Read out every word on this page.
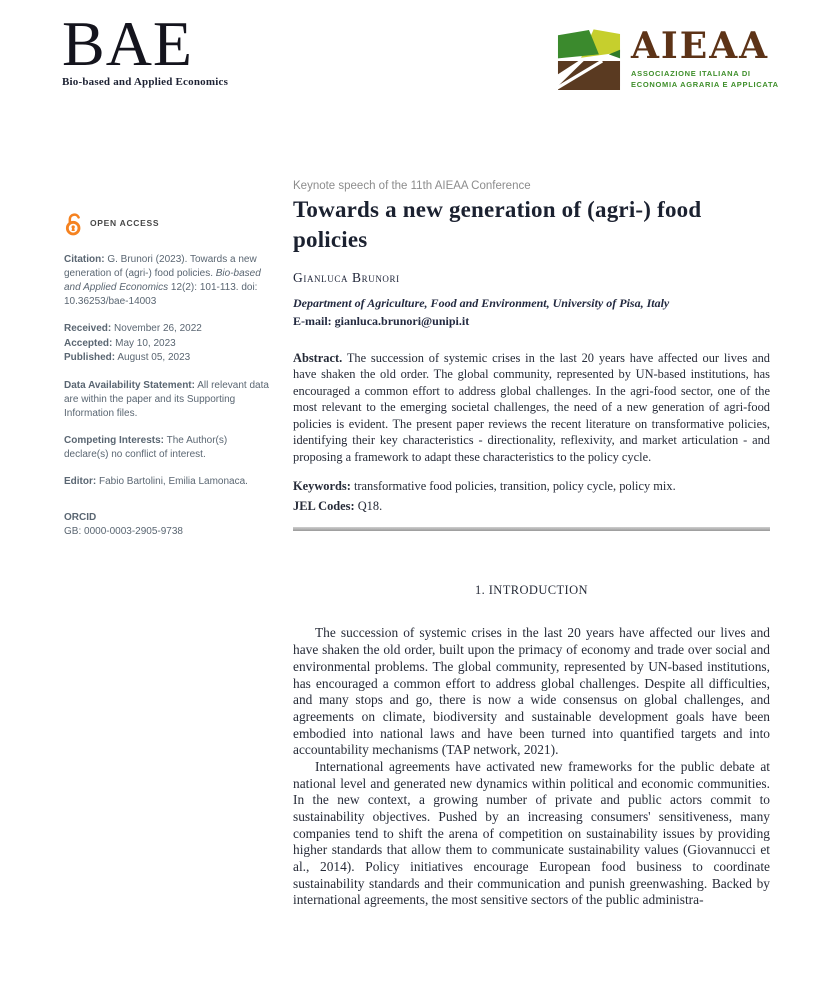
BAE
Bio-based and Applied Economics
AIEAA
ASSOCIAZIONE ITALIANA DI
ECONOMIA AGRARIA E APPLICATA
OPEN ACCESS

Citation: G. Brunori (2023). Towards a new generation of (agri-) food policies. Bio-based and Applied Economics 12(2): 101-113. doi: 10.36253/bae-14003

Received: November 26, 2022
Accepted: May 10, 2023
Published: August 05, 2023

Data Availability Statement: All relevant data are within the paper and its Supporting Information files.

Competing Interests: The Author(s) declare(s) no conflict of interest.

Editor: Fabio Bartolini, Emilia Lamonaca.

ORCID
GB: 0000-0003-2905-9738
Keynote speech of the 11th AIEAA Conference
Towards a new generation of (agri-) food policies
Gianluca Brunori
Department of Agriculture, Food and Environment, University of Pisa, Italy
E-mail: gianluca.brunori@unipi.it

Abstract. The succession of systemic crises in the last 20 years have affected our lives and have shaken the old order. The global community, represented by UN-based institutions, has encouraged a common effort to address global challenges. In the agri-food sector, one of the most relevant to the emerging societal challenges, the need of a new generation of agri-food policies is evident. The present paper reviews the recent literature on transformative policies, identifying their key characteristics - directionality, reflexivity, and market articulation - and proposing a framework to adapt these characteristics to the policy cycle.

Keywords: transformative food policies, transition, policy cycle, policy mix.
JEL Codes: Q18.
1. INTRODUCTION

The succession of systemic crises in the last 20 years have affected our lives and have shaken the old order, built upon the primacy of economy and trade over social and environmental problems. The global community, represented by UN-based institutions, has encouraged a common effort to address global challenges. Despite all difficulties, and many stops and go, there is now a wide consensus on global challenges, and agreements on climate, biodiversity and sustainable development goals have been embodied into national laws and have been turned into quantified targets and into accountability mechanisms (TAP network, 2021).

International agreements have activated new frameworks for the public debate at national level and generated new dynamics within political and economic communities. In the new context, a growing number of private and public actors commit to sustainability objectives. Pushed by an increasing consumers' sensitiveness, many companies tend to shift the arena of competition on sustainability issues by providing higher standards that allow them to communicate sustainability values (Giovannucci et al., 2014). Policy initiatives encourage European food business to coordinate sustainability standards and their communication and punish greenwashing. Backed by international agreements, the most sensitive sectors of the public administra-
